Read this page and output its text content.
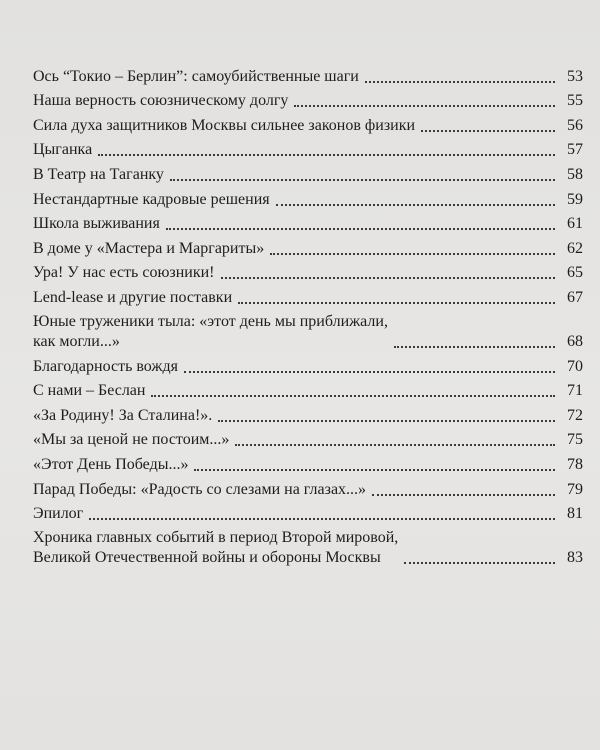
Ось “Токио – Берлин”: самоубийственные шаги	53
Наша верность союзническому долгу	55
Сила духа защитников Москвы сильнее законов физики	56
Цыганка	57
В Театр на Таганку	58
Нестандартные кадровые решения	59
Школа выживания	61
В доме у «Мастера и Маргариты»	62
Ура! У нас есть союзники!	65
Lend-lease и другие поставки	67
Юные труженики тыла: «этот день мы приближали,
как могли...»	68
Благодарность вождя	70
С нами – Беслан	71
«За Родину! За Сталина!».	72
«Мы за ценой не постоим...»	75
«Этот День Победы...»	78
Парад Победы: «Радость со слезами на глазах...»	79
Эпилог	81
Хроника главных событий в период Второй мировой,
Великой Отечественной войны и обороны Москвы	83
